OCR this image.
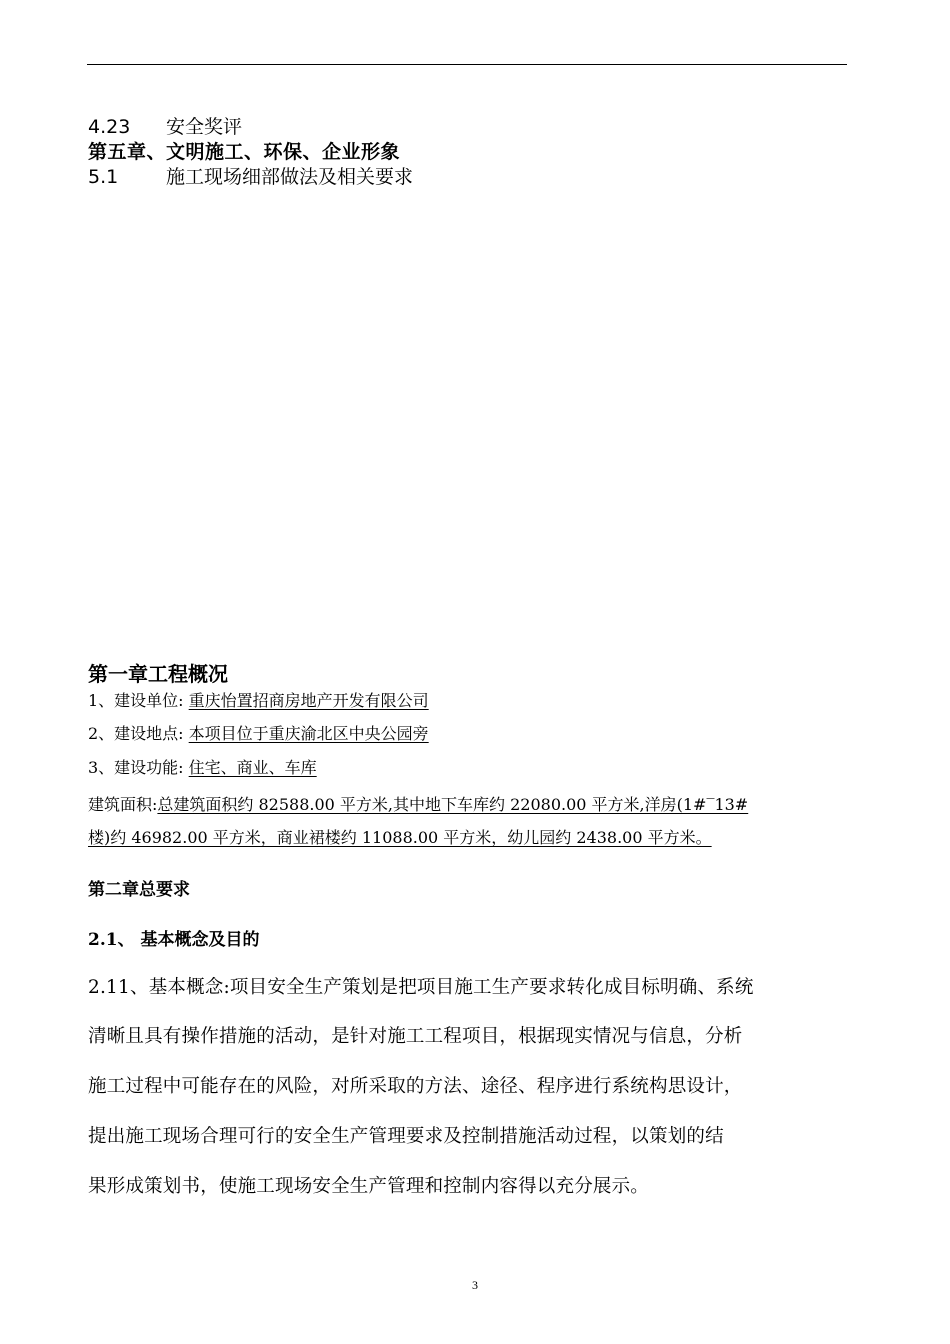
4.23 安全奖评
第五章、文明施工、环保、企业形象
5.1	施工现场细部做法及相关要求
第一章工程概况
1、建设单位: 重庆怡置招商房地产开发有限公司
2、建设地点: 本项目位于重庆渝北区中央公园旁
3、建设功能: 住宅、商业、车库
建筑面积:总建筑面积约 82588.00 平方米,其中地下车库约 22080.00 平方米,洋房(1#‾13#
楼)约 46982.00 平方米，商业裙楼约 11088.00 平方米，幼儿园约 2438.00 平方米。
第二章总要求
2.1、 基本概念及目的
2.11、基本概念:项目安全生产策划是把项目施工生产要求转化成目标明确、系统
清晰且具有操作措施的活动，是针对施工工程项目，根据现实情况与信息，分析
施工过程中可能存在的风险，对所采取的方法、途径、程序进行系统构思设计，
提出施工现场合理可行的安全生产管理要求及控制措施活动过程，以策划的结
果形成策划书，使施工现场安全生产管理和控制内容得以充分展示。
3
